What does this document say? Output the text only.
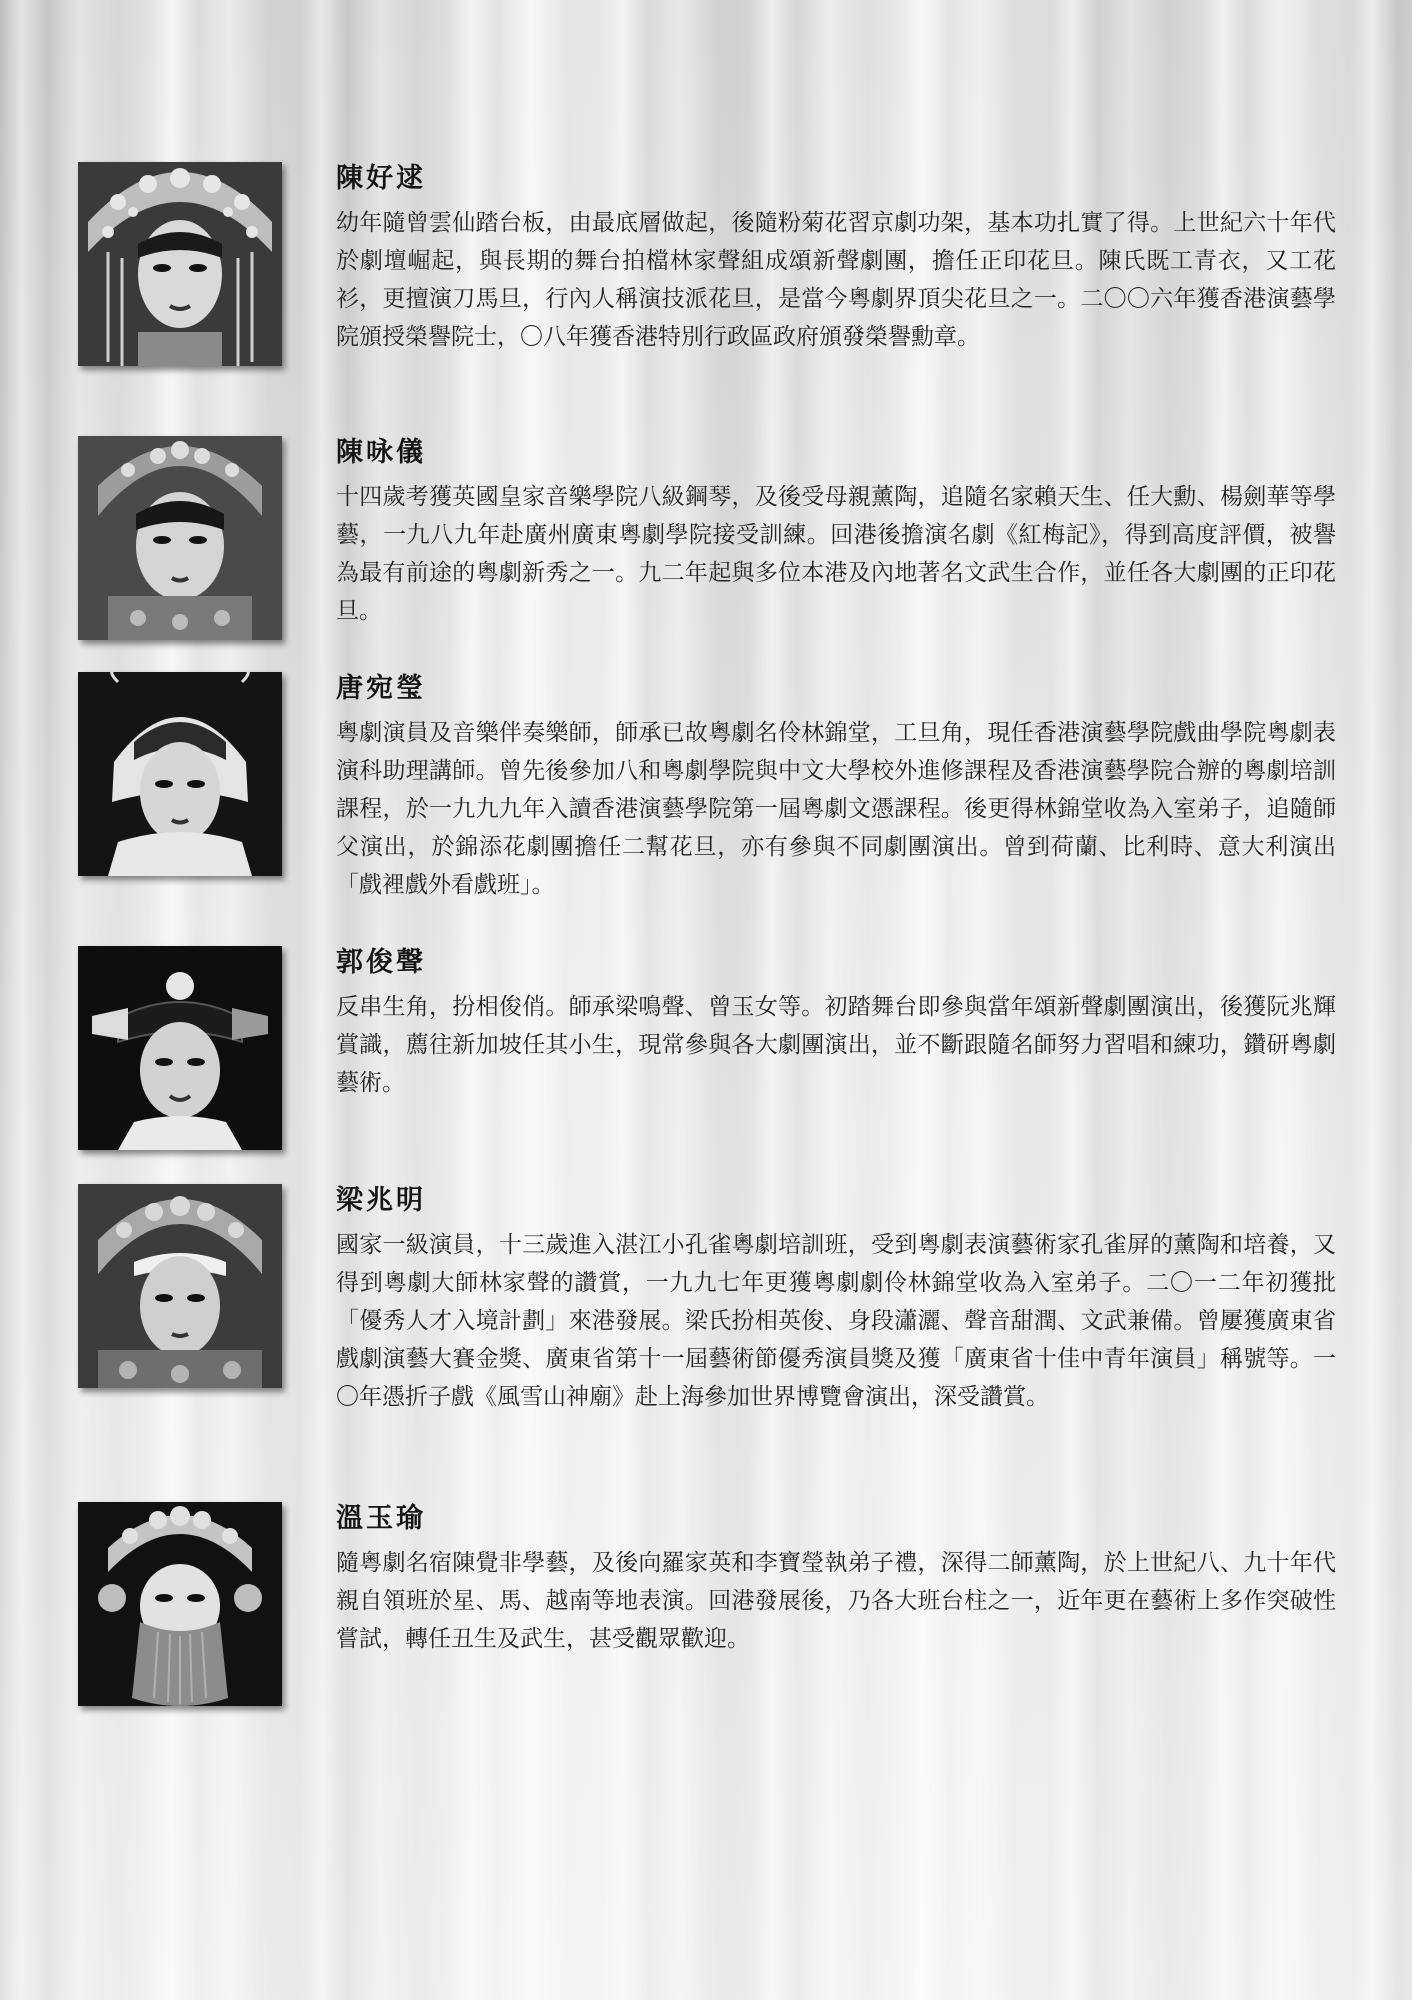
陳好逑

幼年隨曾雲仙踏台板，由最底層做起，後隨粉菊花習京劇功架，基本功扎實了得。上世紀六十年代於劇壇崛起，與長期的舞台拍檔林家聲組成頌新聲劇團，擔任正印花旦。陳氏既工青衣，又工花衫，更擅演刀馬旦，行內人稱演技派花旦，是當今粵劇界頂尖花旦之一。二〇〇六年獲香港演藝學院頒授榮譽院士，〇八年獲香港特別行政區政府頒發榮譽勳章。

陳咏儀

十四歲考獲英國皇家音樂學院八級鋼琴，及後受母親薰陶，追隨名家賴天生、任大勳、楊劍華等學藝，一九八九年赴廣州廣東粵劇學院接受訓練。回港後擔演名劇《紅梅記》，得到高度評價，被譽為最有前途的粵劇新秀之一。九二年起與多位本港及內地著名文武生合作，並任各大劇團的正印花旦。

唐宛瑩

粵劇演員及音樂伴奏樂師，師承已故粵劇名伶林錦堂，工旦角，現任香港演藝學院戲曲學院粵劇表演科助理講師。曾先後參加八和粵劇學院與中文大學校外進修課程及香港演藝學院合辦的粵劇培訓課程，於一九九九年入讀香港演藝學院第一屆粵劇文憑課程。後更得林錦堂收為入室弟子，追隨師父演出，於錦添花劇團擔任二幫花旦，亦有參與不同劇團演出。曾到荷蘭、比利時、意大利演出「戲裡戲外看戲班」。

郭俊聲

反串生角，扮相俊俏。師承梁鳴聲、曾玉女等。初踏舞台即參與當年頌新聲劇團演出，後獲阮兆輝賞識，薦往新加坡任其小生，現常參與各大劇團演出，並不斷跟隨名師努力習唱和練功，鑽研粵劇藝術。

梁兆明

國家一級演員，十三歲進入湛江小孔雀粵劇培訓班，受到粵劇表演藝術家孔雀屏的薰陶和培養，又得到粵劇大師林家聲的讚賞，一九九七年更獲粵劇劇伶林錦堂收為入室弟子。二〇一二年初獲批「優秀人才入境計劃」來港發展。梁氏扮相英俊、身段瀟灑、聲音甜潤、文武兼備。曾屢獲廣東省戲劇演藝大賽金獎、廣東省第十一屆藝術節優秀演員獎及獲「廣東省十佳中青年演員」稱號等。一〇年憑折子戲《風雪山神廟》赴上海參加世界博覽會演出，深受讚賞。

溫玉瑜

隨粵劇名宿陳覺非學藝，及後向羅家英和李寶瑩執弟子禮，深得二師薰陶，於上世紀八、九十年代親自領班於星、馬、越南等地表演。回港發展後，乃各大班台柱之一，近年更在藝術上多作突破性嘗試，轉任丑生及武生，甚受觀眾歡迎。
